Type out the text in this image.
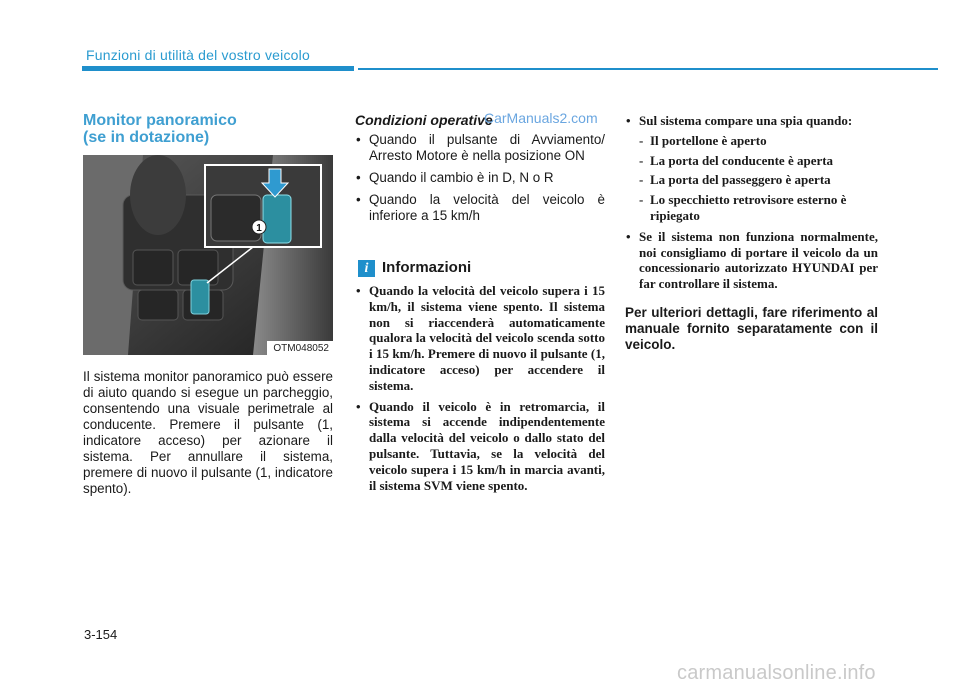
Funzioni di utilità del vostro veicolo
Monitor panoramico
(se in dotazione)
1
OTM048052
Il sistema monitor panoramico può essere di aiuto quando si esegue un parcheggio, consentendo una visuale perimetrale al conducente. Premere il pulsante (1, indicatore acceso) per azionare il sistema. Per annullare il sistema, premere di nuovo il pulsante (1, indicatore spento).
Condizioni operative
CarManuals2.com
• Quando il pulsante di Avviamento/ Arresto Motore è nella posizione ON
• Quando il cambio è in D, N o R
• Quando la velocità del veicolo è inferiore a 15 km/h
i Informazioni
• Quando la velocità del veicolo supera i 15 km/h, il sistema viene spento. Il sistema non si riaccenderà automaticamente qualora la velocità del veicolo scenda sotto i 15 km/h. Premere di nuovo il pulsante (1, indicatore acceso) per accendere il sistema.
• Quando il veicolo è in retromarcia, il sistema si accende indipendentemente dalla velocità del veicolo o dallo stato del pulsante. Tuttavia, se la velocità del veicolo supera i 15 km/h in marcia avanti, il sistema SVM viene spento.
• Sul sistema compare una spia quando:
- Il portellone è aperto
- La porta del conducente è aperta
- La porta del passeggero è aperta
- Lo specchietto retrovisore esterno è ripiegato
• Se il sistema non funziona normalmente, noi consigliamo di portare il veicolo da un concessionario autorizzato HYUNDAI per far controllare il sistema.
Per ulteriori dettagli, fare riferimento al manuale fornito separatamente con il veicolo.
3-154
carmanualsonline.info
